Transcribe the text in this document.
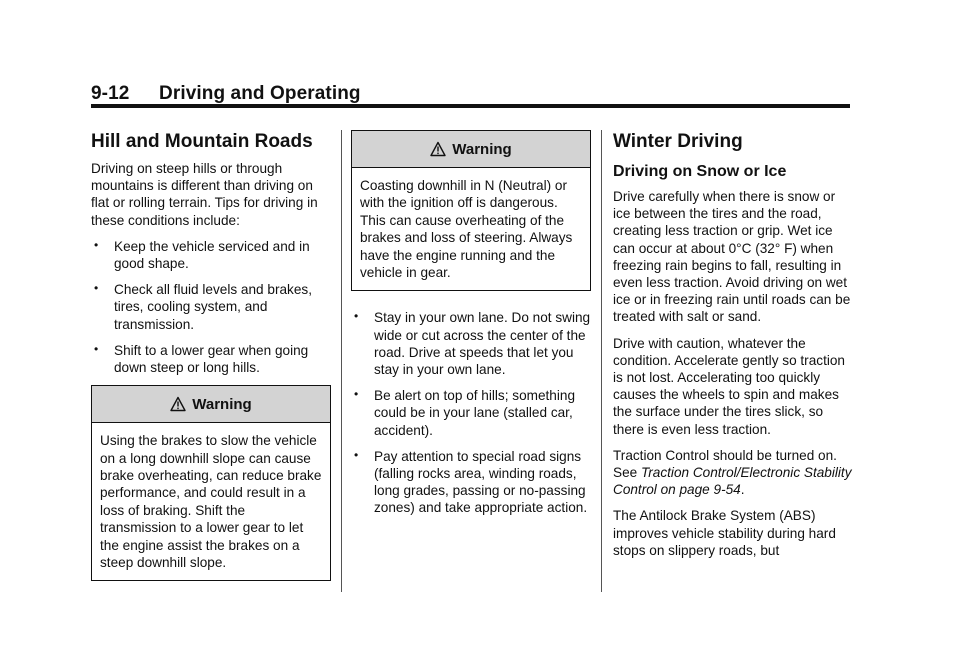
9-12 Driving and Operating
Hill and Mountain Roads

Driving on steep hills or through mountains is different than driving on flat or rolling terrain. Tips for driving in these conditions include:

• Keep the vehicle serviced and in good shape.
• Check all fluid levels and brakes, tires, cooling system, and transmission.
• Shift to a lower gear when going down steep or long hills.
Warning
Using the brakes to slow the vehicle on a long downhill slope can cause brake overheating, can reduce brake performance, and could result in a loss of braking. Shift the transmission to a lower gear to let the engine assist the brakes on a steep downhill slope.
Warning
Coasting downhill in N (Neutral) or with the ignition off is dangerous. This can cause overheating of the brakes and loss of steering. Always have the engine running and the vehicle in gear.
• Stay in your own lane. Do not swing wide or cut across the center of the road. Drive at speeds that let you stay in your own lane.
• Be alert on top of hills; something could be in your lane (stalled car, accident).
• Pay attention to special road signs (falling rocks area, winding roads, long grades, passing or no-passing zones) and take appropriate action.
Winter Driving
Driving on Snow or Ice

Drive carefully when there is snow or ice between the tires and the road, creating less traction or grip. Wet ice can occur at about 0°C (32° F) when freezing rain begins to fall, resulting in even less traction. Avoid driving on wet ice or in freezing rain until roads can be treated with salt or sand.

Drive with caution, whatever the condition. Accelerate gently so traction is not lost. Accelerating too quickly causes the wheels to spin and makes the surface under the tires slick, so there is even less traction.

Traction Control should be turned on. See Traction Control/Electronic Stability Control on page 9‑54.

The Antilock Brake System (ABS) improves vehicle stability during hard stops on slippery roads, but
